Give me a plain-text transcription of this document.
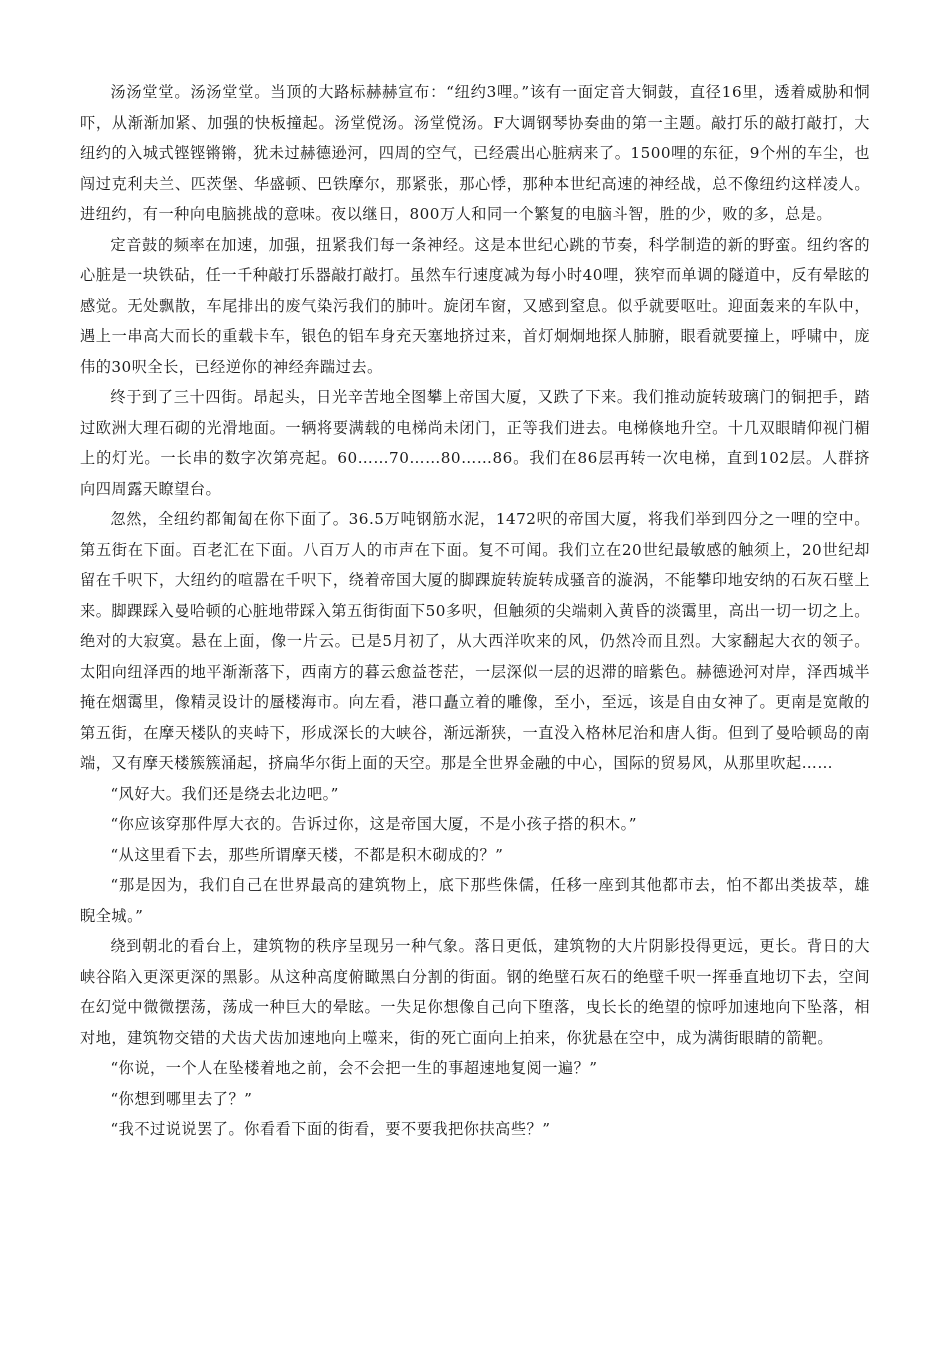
汤汤堂堂。汤汤堂堂。当顶的大路标赫赫宣布：“纽约3哩。”该有一面定音大铜鼓，直径16里，透着威胁和恫吓，从渐渐加紧、加强的快板撞起。汤堂傥汤。汤堂傥汤。F大调钢琴协奏曲的第一主题。敲打乐的敲打敲打，大纽约的入城式铿铿锵锵，犹未过赫德逊河，四周的空气，已经震出心脏病来了。1500哩的东征，9个州的车尘，也闯过克利夫兰、匹茨堡、华盛顿、巴铁摩尔，那紧张，那心悸，那种本世纪高速的神经战，总不像纽约这样凌人。进纽约，有一种向电脑挑战的意味。夜以继日，800万人和同一个繁复的电脑斗智，胜的少，败的多，总是。

定音鼓的频率在加速，加强，扭紧我们每一条神经。这是本世纪心跳的节奏，科学制造的新的野蛮。纽约客的心脏是一块铁砧，任一千种敲打乐器敲打敲打。虽然车行速度减为每小时40哩，狭窄而单调的隧道中，反有晕眩的感觉。无处飘散，车尾排出的废气染污我们的肺叶。旋闭车窗，又感到窒息。似乎就要呕吐。迎面轰来的车队中，遇上一串高大而长的重载卡车，银色的铝车身充天塞地挤过来，首灯炯炯地探人肺腑，眼看就要撞上，呼啸中，庞伟的30呎全长，已经逆你的神经奔踹过去。

终于到了三十四街。昂起头，日光辛苦地全图攀上帝国大厦，又跌了下来。我们推动旋转玻璃门的铜把手，踏过欧洲大理石砌的光滑地面。一辆将要满载的电梯尚未闭门，正等我们进去。电梯倏地升空。十几双眼睛仰视门楣上的灯光。一长串的数字次第亮起。60……70……80……86。我们在86层再转一次电梯，直到102层。人群挤向四周露天瞭望台。

忽然，全纽约都匍匐在你下面了。36.5万吨钢筋水泥，1472呎的帝国大厦，将我们举到四分之一哩的空中。第五街在下面。百老汇在下面。八百万人的市声在下面。复不可闻。我们立在20世纪最敏感的触须上，20世纪却留在千呎下，大纽约的喧嚣在千呎下，绕着帝国大厦的脚踝旋转旋转成骚音的漩涡，不能攀印地安纳的石灰石壁上来。脚踝踩入曼哈顿的心脏地带踩入第五街街面下50多呎，但触须的尖端刺入黄昏的淡霭里，高出一切一切之上。绝对的大寂寞。悬在上面，像一片云。已是5月初了，从大西洋吹来的风，仍然冷而且烈。大家翻起大衣的领子。太阳向纽泽西的地平渐渐落下，西南方的暮云愈益苍茫，一层深似一层的迟滞的暗紫色。赫德逊河对岸，泽西城半掩在烟霭里，像精灵设计的蜃楼海市。向左看，港口矗立着的雕像，至小，至远，该是自由女神了。更南是宽敞的第五街，在摩天楼队的夹峙下，形成深长的大峡谷，渐远渐狭，一直没入格林尼治和唐人街。但到了曼哈顿岛的南端，又有摩天楼簇簇涌起，挤扁华尔街上面的天空。那是全世界金融的中心，国际的贸易风，从那里吹起……

“风好大。我们还是绕去北边吧。”

“你应该穿那件厚大衣的。告诉过你，这是帝国大厦，不是小孩子搭的积木。”

“从这里看下去，那些所谓摩天楼，不都是积木砌成的？”

“那是因为，我们自己在世界最高的建筑物上，底下那些侏儒，任移一座到其他都市去，怕不都出类拔萃，雄睨全城。”

绕到朝北的看台上，建筑物的秩序呈现另一种气象。落日更低，建筑物的大片阴影投得更远，更长。背日的大峡谷陷入更深更深的黑影。从这种高度俯瞰黑白分割的街面。钢的绝壁石灰石的绝壁千呎一挥垂直地切下去，空间在幻觉中微微摆荡，荡成一种巨大的晕眩。一失足你想像自己向下堕落，曳长长的绝望的惊呼加速地向下坠落，相对地，建筑物交错的犬齿犬齿加速地向上噬来，街的死亡面向上拍来，你犹悬在空中，成为满街眼睛的箭靶。

“你说，一个人在坠楼着地之前，会不会把一生的事超速地复阅一遍？”

“你想到哪里去了？”

“我不过说说罢了。你看看下面的街看，要不要我把你扶高些？”
